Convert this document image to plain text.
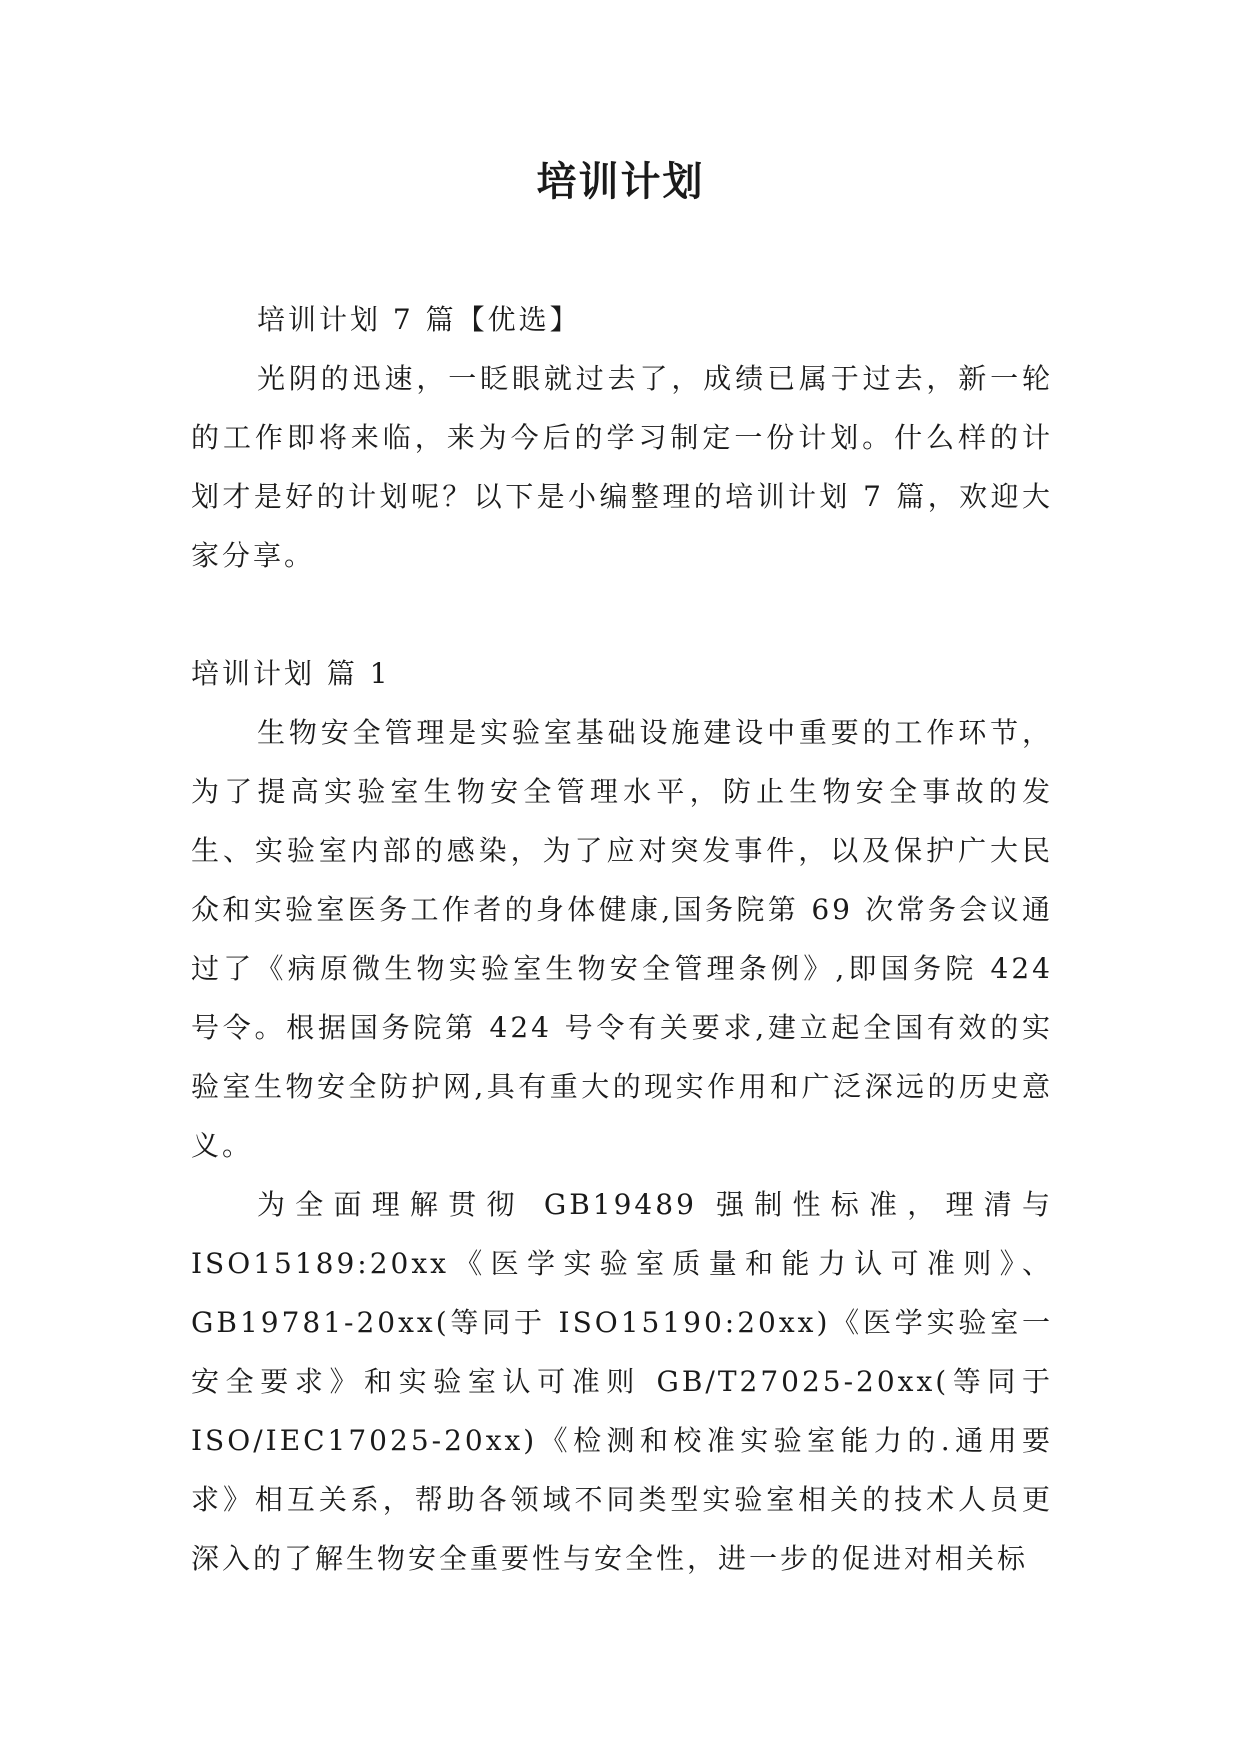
培训计划

培训计划 7 篇【优选】

光阴的迅速，一眨眼就过去了，成绩已属于过去，新一轮的工作即将来临，来为今后的学习制定一份计划。什么样的计划才是好的计划呢？以下是小编整理的培训计划 7 篇，欢迎大家分享。

培训计划 篇 1

生物安全管理是实验室基础设施建设中重要的工作环节，为了提高实验室生物安全管理水平，防止生物安全事故的发生、实验室内部的感染，为了应对突发事件，以及保护广大民众和实验室医务工作者的身体健康,国务院第 69 次常务会议通过了《病原微生物实验室生物安全管理条例》,即国务院 424 号令。根据国务院第 424 号令有关要求,建立起全国有效的实验室生物安全防护网,具有重大的现实作用和广泛深远的历史意义。

为全面理解贯彻 GB19489 强制性标准，理清与 ISO15189:20xx《医学实验室质量和能力认可准则》、GB19781-20xx(等同于 ISO15190:20xx)《医学实验室一安全要求》和实验室认可准则 GB/T27025-20xx(等同于 ISO/IEC17025-20xx)《检测和校准实验室能力的.通用要求》相互关系，帮助各领域不同类型实验室相关的技术人员更深入的了解生物安全重要性与安全性，进一步的促进对相关标
